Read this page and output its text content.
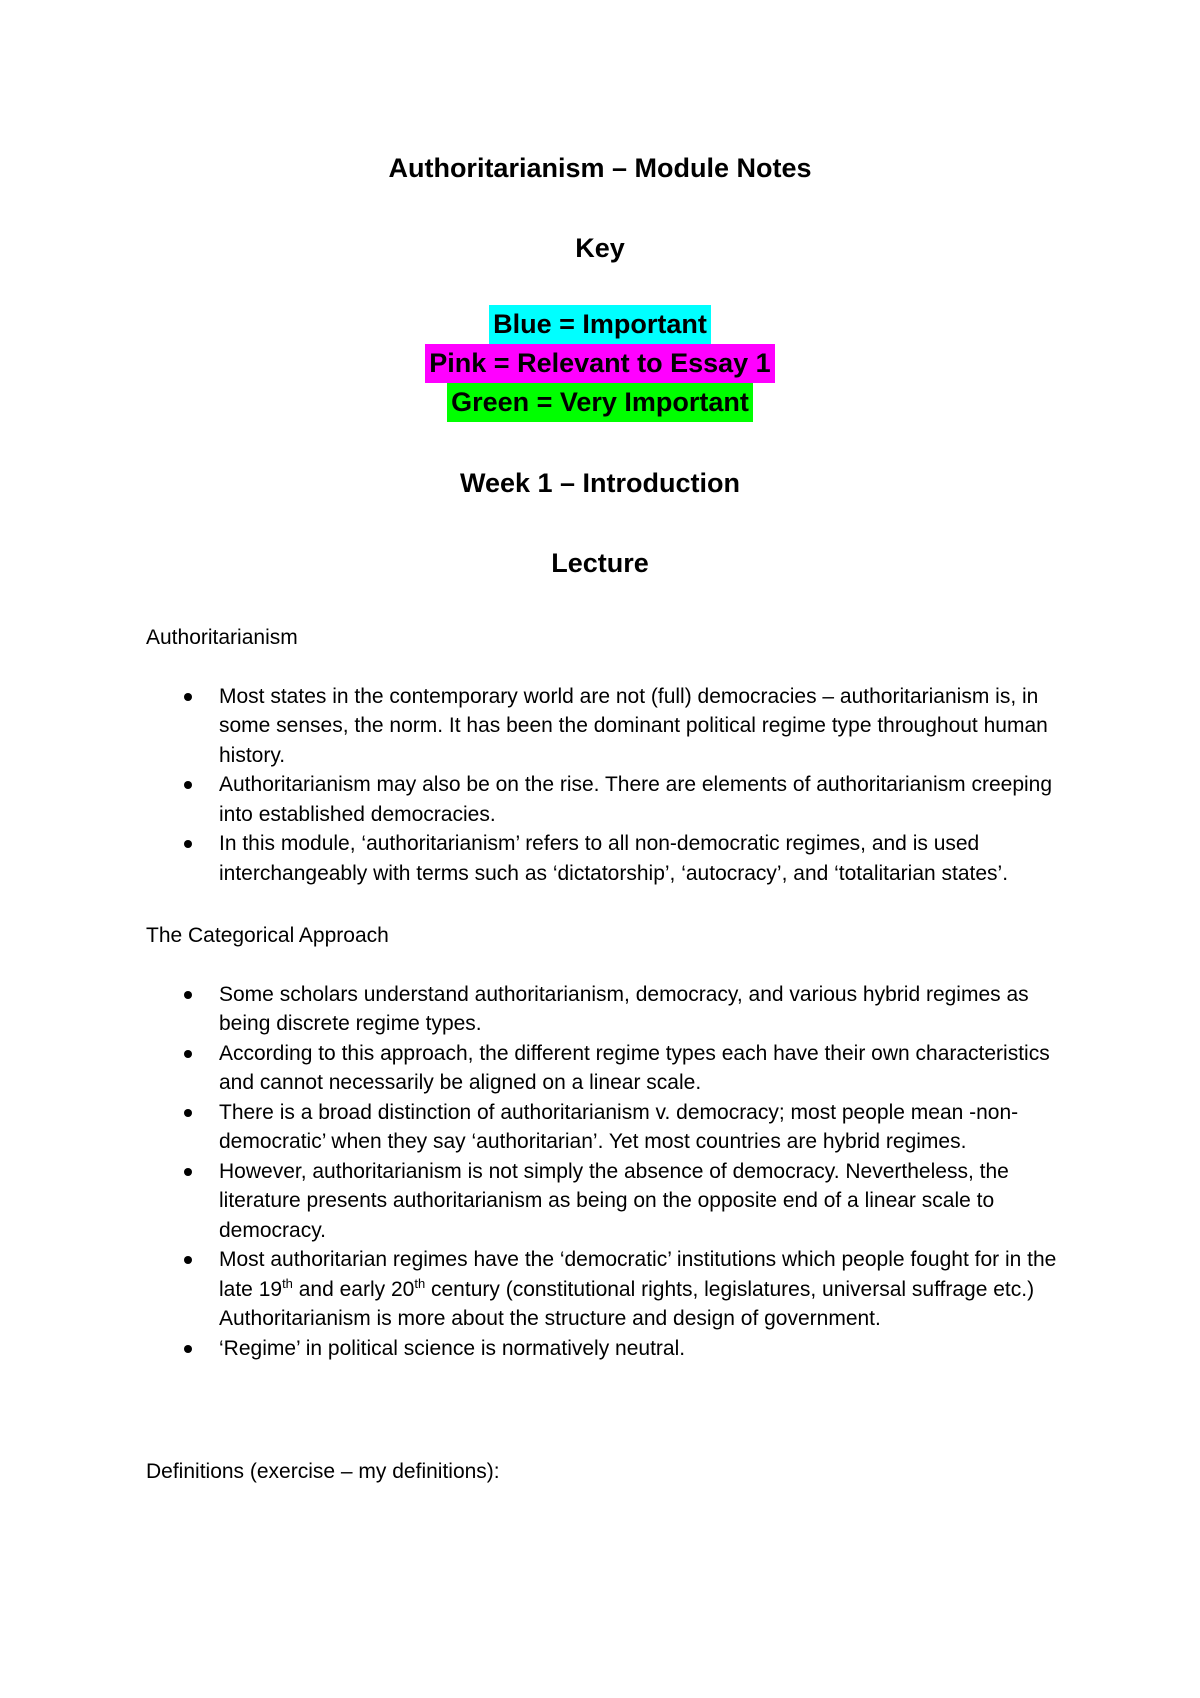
Authoritarianism – Module Notes
Key
Blue = Important
Pink = Relevant to Essay 1
Green = Very Important
Week 1 – Introduction
Lecture

Authoritarianism

Most states in the contemporary world are not (full) democracies – authoritarianism is, in some senses, the norm. It has been the dominant political regime type throughout human history.
Authoritarianism may also be on the rise. There are elements of authoritarianism creeping into established democracies.
In this module, ‘authoritarianism’ refers to all non-democratic regimes, and is used interchangeably with terms such as ‘dictatorship’, ‘autocracy’, and ‘totalitarian states’.

The Categorical Approach

Some scholars understand authoritarianism, democracy, and various hybrid regimes as being discrete regime types.
According to this approach, the different regime types each have their own characteristics and cannot necessarily be aligned on a linear scale.
There is a broad distinction of authoritarianism v. democracy; most people mean -non-democratic’ when they say ‘authoritarian’. Yet most countries are hybrid regimes.
However, authoritarianism is not simply the absence of democracy. Nevertheless, the literature presents authoritarianism as being on the opposite end of a linear scale to democracy.
Most authoritarian regimes have the ‘democratic’ institutions which people fought for in the late 19th and early 20th century (constitutional rights, legislatures, universal suffrage etc.) Authoritarianism is more about the structure and design of government.
‘Regime’ in political science is normatively neutral.

Definitions (exercise – my definitions):
